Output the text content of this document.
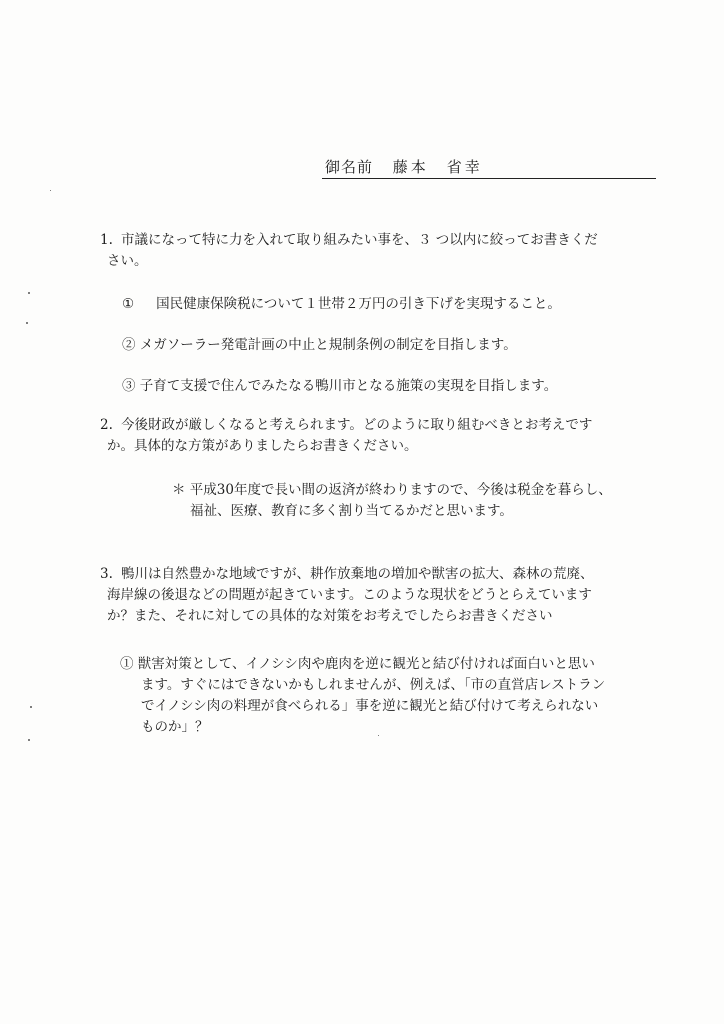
御名前 藤本　省幸
1. 市議になって特に力を入れて取り組みたい事を、３ つ以内に絞ってお書きくだ
さい。
① 国民健康保険税について１世帯２万円の引き下げを実現すること。
② メガソーラー発電計画の中止と規制条例の制定を目指します。
③ 子育て支援で住んでみたなる鴨川市となる施策の実現を目指します。
2. 今後財政が厳しくなると考えられます。どのように取り組むべきとお考えです
か。具体的な方策がありましたらお書きください。
＊ 平成30年度で長い間の返済が終わりますので、今後は税金を暮らし、
福祉、医療、教育に多く割り当てるかだと思います。
3. 鴨川は自然豊かな地域ですが、耕作放棄地の増加や獣害の拡大、森林の荒廃、
海岸線の後退などの問題が起きています。このような現状をどうとらえています
か？また、それに対しての具体的な対策をお考えでしたらお書きください
① 獣害対策として、イノシシ肉や鹿肉を逆に観光と結び付ければ面白いと思い
ます。すぐにはできないかもしれませんが、例えば、「市の直営店レストラン
でイノシシ肉の料理が食べられる」事を逆に観光と結び付けて考えられない
ものか」？
